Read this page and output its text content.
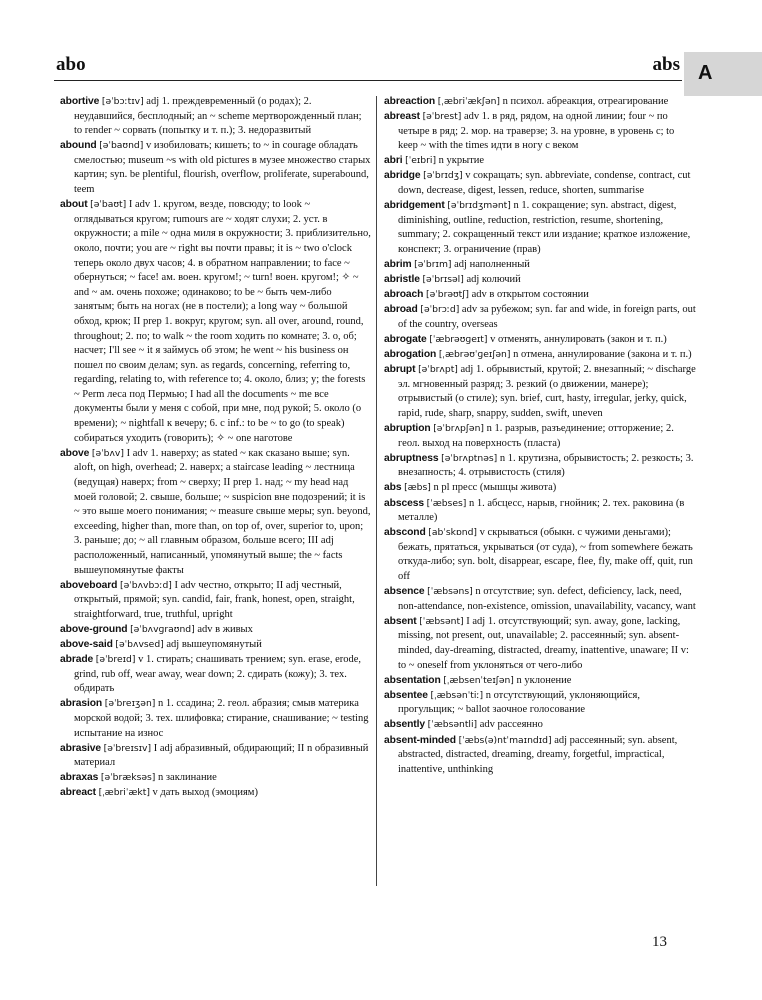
abo	abs A
abortive [əˈbɔːtɪv] adj 1. преждевременный (о родах); 2. неудавшийся, бесплодный; an ~ scheme мертворожденный план; to render ~ сорвать (попытку и т. п.); 3. недоразвитый
abound [əˈbaʊnd] v изобиловать; кишеть; to ~ in courage обладать смелостью; museum ~s with old pictures в музее множество старых картин; syn. be plentiful, flourish, overflow, proliferate, superabound, teem
about [əˈbaʊt] I adv 1. кругом, везде, повсюду; to look ~ оглядываться кругом; rumours are ~ ходят слухи; 2. уст. в окружности; a mile ~ одна миля в окружности; 3. приблизительно, около, почти; you are ~ right вы почти правы; it is ~ two o'clock теперь около двух часов; 4. в обратном направлении; to face ~ обернуться; ~ face! ам. воен. кругом!; ~ turn! воен. кругом!; ✧ ~ and ~ ам. очень похоже; одинаково; to be ~ быть чем-либо занятым; быть на ногах (не в постели); a long way ~ большой обход, крюк; II prep 1. вокруг, кругом; syn. all over, around, round, throughout; 2. по; to walk ~ the room ходить по комнате; 3. о, об; насчет; I'll see ~ it я займусь об этом; he went ~ his business он пошел по своим делам; syn. as regards, concerning, referring to, regarding, relating to, with reference to; 4. около, близ; y; the forests ~ Perm леса под Пермью; I had all the documents ~ me все документы были у меня с собой, при мне, под рукой; 5. около (о времени); ~ nightfall к вечеру; 6. c inf.: to be ~ to go (to speak) собираться уходить (говорить); ✧ ~ one наготове
above [əˈbʌv] I adv 1. наверху; as stated ~ как сказано выше; syn. aloft, on high, overhead; 2. наверх; a staircase leading ~ лестница (ведущая) наверх; from ~ сверху; II prep 1. над; ~ my head над моей головой; 2. свыше, больше; ~ suspicion вне подозрений; it is ~ это выше моего понимания; ~ measure свыше меры; syn. beyond, exceeding, higher than, more than, on top of, over, superior to, upon; 3. раньше; до; ~ all главным образом, больше всего; III adj расположенный, написанный, упомянутый выше; the ~ facts вышеупомянутые факты
aboveboard [əˈbʌvbɔːd] I adv честно, открыто; II adj честный, открытый, прямой; syn. candid, fair, frank, honest, open, straight, straightforward, true, truthful, upright
above-ground [əˈbʌvɡraʊnd] adv в живых
above-said [əˈbʌvsed] adj вышеупомянутый
abrade [əˈbreɪd] v 1. стирать; снашивать трением; syn. erase, erode, grind, rub off, wear away, wear down; 2. сдирать (кожу); 3. тех. обдирать
abrasion [əˈbreɪʒən] n 1. ссадина; 2. геол. абразия; смыв материка морской водой; 3. тех. шлифовка; стирание, снашивание; ~ testing испытание на износ
abrasive [əˈbreɪsɪv] I adj абразивный, обдирающий; II n образивный материал
abraxas [əˈbræksəs] n заклинание
abreact [ˌæbriˈækt] v дать выход (эмоциям)
abreaction [ˌæbriˈækʃən] n психол. абреакция, отреагирование
abreast [əˈbrest] adv 1. в ряд, рядом, на одной линии; four ~ по четыре в ряд; 2. мор. на траверзе; 3. на уровне, в уровень с; to keep ~ with the times идти в ногу с веком
abri [ˈeɪbri] n укрытие
abridge [əˈbrɪdʒ] v сокращать; syn. abbreviate, condense, contract, cut down, decrease, digest, lessen, reduce, shorten, summarise
abridgement [əˈbrɪdʒmənt] n 1. сокращение; syn. abstract, digest, diminishing, outline, reduction, restriction, resume, shortening, summary; 2. сокращенный текст или издание; краткое изложение, конспект; 3. ограничение (прав)
abrim [əˈbrɪm] adj наполненный
abristle [əˈbrɪsəl] adj колючий
abroach [əˈbrəʊtʃ] adv в открытом состоянии
abroad [əˈbrɔːd] adv за рубежом; syn. far and wide, in foreign parts, out of the country, overseas
abrogate [ˈæbrəʊɡeɪt] v отменять, аннулировать (закон и т. п.)
abrogation [ˌæbrəʊˈɡeɪʃən] n отмена, аннулирование (закона и т. п.)
abrupt [əˈbrʌpt] adj 1. обрывистый, крутой; 2. внезапный; ~ discharge эл. мгновенный разряд; 3. резкий (о движении, манере); отрывистый (о стиле); syn. brief, curt, hasty, irregular, jerky, quick, rapid, rude, sharp, snappy, sudden, swift, uneven
abruption [əˈbrʌpʃən] n 1. разрыв, разъединение; отторжение; 2. геол. выход на поверхность (пласта)
abruptness [əˈbrʌptnəs] n 1. крутизна, обрывистость; 2. резкость; 3. внезапность; 4. отрывистость (стиля)
abs [æbs] n pl пресс (мышцы живота)
abscess [ˈæbses] n 1. абсцесс, нарыв, гнойник; 2. тех. раковина (в металле)
abscond [abˈskɒnd] v скрываться (обыкн. с чужими деньгами); бежать, прятаться, укрываться (от суда), ~ from somewhere бежать откуда-либо; syn. bolt, disappear, escape, flee, fly, make off, quit, run off
absence [ˈæbsəns] n отсутствие; syn. defect, deficiency, lack, need, non-attendance, non-existence, omission, unavailability, vacancy, want
absent [ˈæbsənt] I adj 1. отсутствующий; syn. away, gone, lacking, missing, not present, out, unavailable; 2. рассеянный; syn. absent-minded, day-dreaming, distracted, dreamy, inattentive, unaware; II v: to ~ oneself from уклоняться от чего-либо
absentation [ˌæbsenˈteɪʃən] n уклонение
absentee [ˌæbsənˈtiː] n отсутствующий, уклоняющийся, прогульщик; ~ ballot заочное голосование
absently [ˈæbsəntli] adv рассеянно
absent-minded [ˈæbs(ə)ntˈmaɪndɪd] adj рассеянный; syn. absent, abstracted, distracted, dreaming, dreamy, forgetful, impractical, inattentive, unthinking
13
